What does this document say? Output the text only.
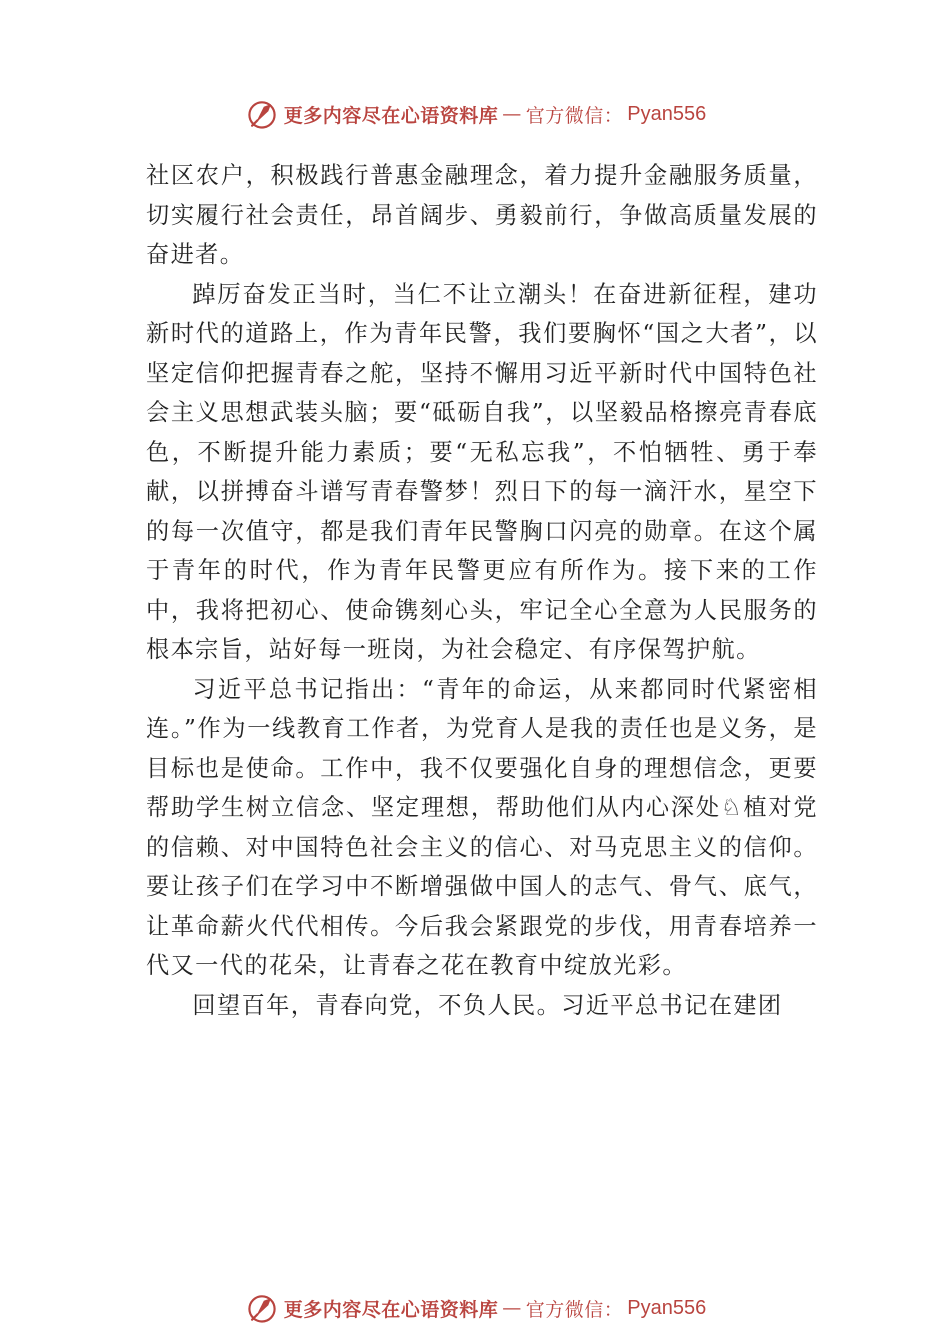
更多内容尽在心语资料库 — 官方微信： Pyan556

社区农户，积极践行普惠金融理念，着力提升金融服务质量，切实履行社会责任，昂首阔步、勇毅前行，争做高质量发展的奋进者。

踔厉奋发正当时，当仁不让立潮头！在奋进新征程，建功新时代的道路上，作为青年民警，我们要胸怀“国之大者”，以坚定信仰把握青春之舵，坚持不懈用习近平新时代中国特色社会主义思想武装头脑；要“砥砺自我”，以坚毅品格擦亮青春底色，不断提升能力素质；要“无私忘我”，不怕牺牲、勇于奉献，以拼搏奋斗谱写青春警梦！烈日下的每一滴汗水，星空下的每一次值守，都是我们青年民警胸口闪亮的勋章。在这个属于青年的时代，作为青年民警更应有所作为。接下来的工作中，我将把初心、使命镌刻心头，牢记全心全意为人民服务的根本宗旨，站好每一班岗，为社会稳定、有序保驾护航。

习近平总书记指出：“青年的命运，从来都同时代紧密相连。”作为一线教育工作者，为党育人是我的责任也是义务，是目标也是使命。工作中，我不仅要强化自身的理想信念，更要帮助学生树立信念、坚定理想，帮助他们从内心深处♘植对党的信赖、对中国特色社会主义的信心、对马克思主义的信仰。要让孩子们在学习中不断增强做中国人的志气、骨气、底气，让革命薪火代代相传。今后我会紧跟党的步伐，用青春培养一代又一代的花朵，让青春之花在教育中绽放光彩。

回望百年，青春向党，不负人民。习近平总书记在建团

更多内容尽在心语资料库 — 官方微信： Pyan556
